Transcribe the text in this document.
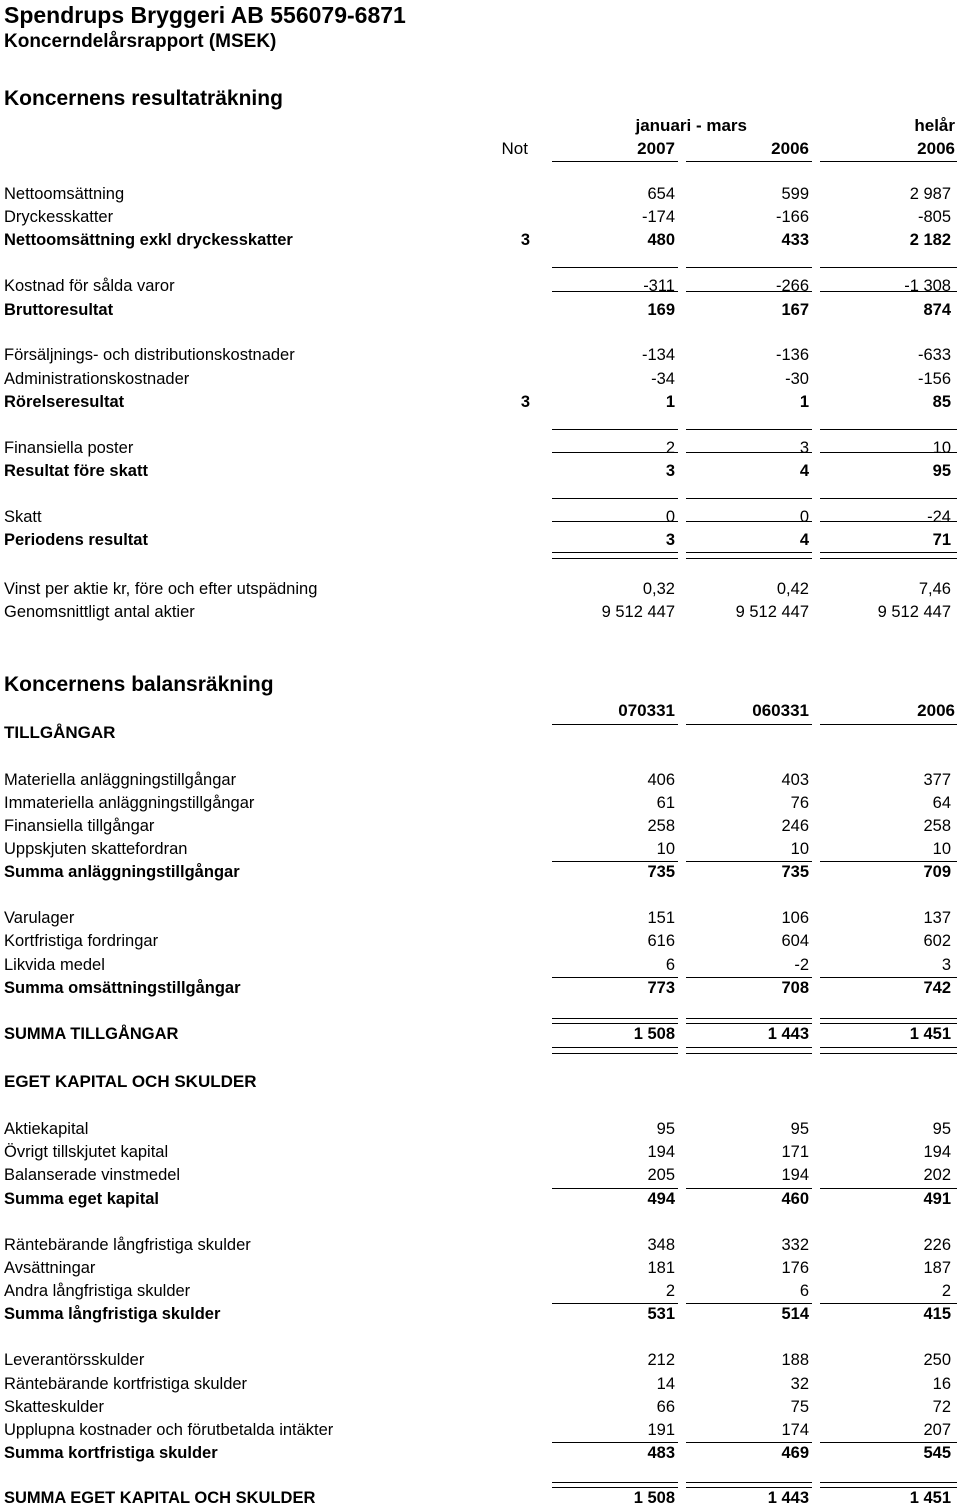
Spendrups Bryggeri AB 556079-6871
Koncerndelårsrapport (MSEK)
Koncernens resultaträkning
januari - mars	helår
Not	2007	2006	2006
Nettoomsättning	654	599	2 987
Dryckesskatter	-174	-166	-805
Nettoomsättning exkl dryckesskatter	3	480	433	2 182
Kostnad för sålda varor	-311	-266	-1 308
Bruttoresultat	169	167	874
Försäljnings- och distributionskostnader	-134	-136	-633
Administrationskostnader	-34	-30	-156
Rörelseresultat	3	1	1	85
Finansiella poster	2	3	10
Resultat före skatt	3	4	95
Skatt	0	0	-24
Periodens resultat	3	4	71
Vinst per aktie kr, före och efter utspädning	0,32	0,42	7,46
Genomsnittligt antal aktier	9 512 447	9 512 447	9 512 447
Koncernens balansräkning
070331	060331	2006
TILLGÅNGAR
EGET KAPITAL OCH SKULDER
Materiella anläggningstillgångar	406	403	377
Immateriella anläggningstillgångar	61	76	64
Finansiella tillgångar	258	246	258
Uppskjuten skattefordran	10	10	10
Summa anläggningstillgångar	735	735	709
Varulager	151	106	137
Kortfristiga fordringar	616	604	602
Likvida medel	6	-2	3
Summa omsättningstillgångar	773	708	742
SUMMA TILLGÅNGAR	1 508	1 443	1 451
Aktiekapital	95	95	95
Övrigt tillskjutet kapital	194	171	194
Balanserade vinstmedel	205	194	202
Summa eget kapital	494	460	491
Räntebärande långfristiga skulder	348	332	226
Avsättningar	181	176	187
Andra långfristiga skulder	2	6	2
Summa långfristiga skulder	531	514	415
Leverantörsskulder	212	188	250
Räntebärande kortfristiga skulder	14	32	16
Skatteskulder	66	75	72
Upplupna kostnader och förutbetalda intäkter	191	174	207
Summa kortfristiga skulder	483	469	545
SUMMA EGET KAPITAL OCH SKULDER	1 508	1 443	1 451
